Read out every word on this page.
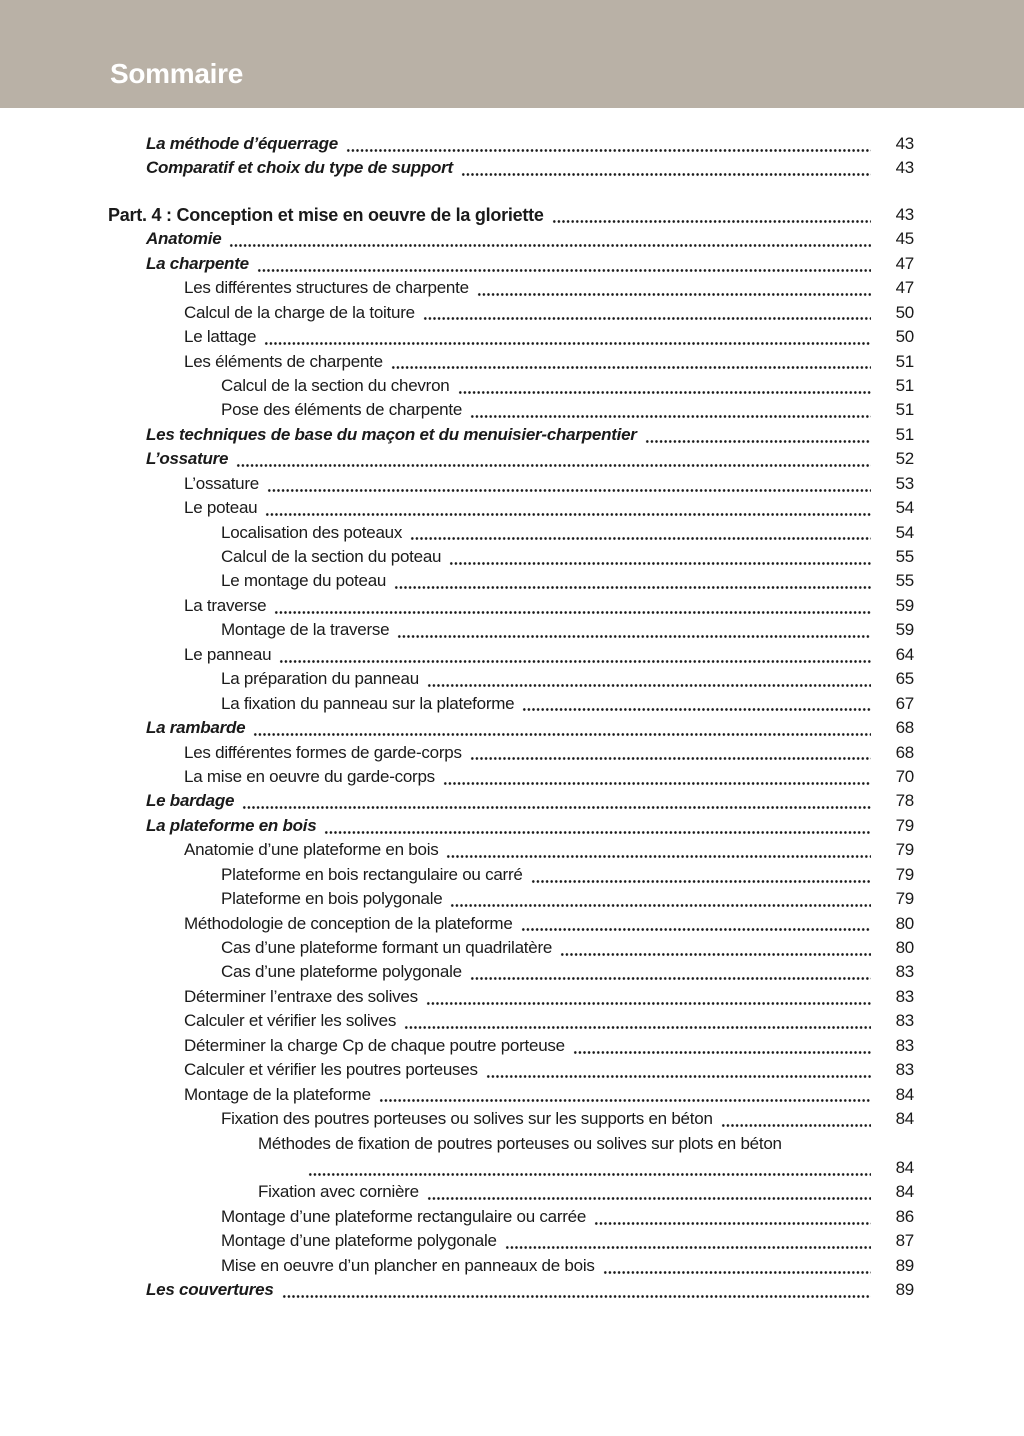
Sommaire
La méthode d’équerrage	43
Comparatif et choix du type de support	43
Part. 4 : Conception et mise en oeuvre de la gloriette	43
Anatomie	45
La charpente	47
Les différentes structures de charpente	47
Calcul de la charge de la toiture	50
Le lattage	50
Les éléments de charpente	51
Calcul de la section du chevron	51
Pose des éléments de charpente	51
Les techniques de base du maçon et du menuisier-charpentier	51
L’ossature	52
L’ossature	53
Le poteau	54
Localisation des poteaux	54
Calcul de la section du poteau	55
Le montage du poteau	55
La traverse	59
Montage de la traverse	59
Le panneau	64
La préparation du panneau	65
La fixation du panneau sur la plateforme	67
La rambarde	68
Les différentes formes de garde-corps	68
La mise en oeuvre du garde-corps	70
Le bardage	78
La plateforme en bois	79
Anatomie d’une plateforme en bois	79
Plateforme en bois rectangulaire ou carré	79
Plateforme en bois polygonale	79
Méthodologie de conception de la plateforme	80
Cas d’une plateforme formant un quadrilatère	80
Cas d’une plateforme polygonale	83
Déterminer l’entraxe des solives	83
Calculer et vérifier les solives	83
Déterminer la charge Cp de chaque poutre porteuse	83
Calculer et vérifier les poutres porteuses	83
Montage de la plateforme	84
Fixation des poutres porteuses ou solives sur les supports en béton	84
Méthodes de fixation de poutres porteuses ou solives sur plots en béton
84
Fixation avec cornière	84
Montage d’une plateforme rectangulaire ou carrée	86
Montage d’une plateforme polygonale	87
Mise en oeuvre d’un plancher en panneaux de bois	89
Les couvertures	89
